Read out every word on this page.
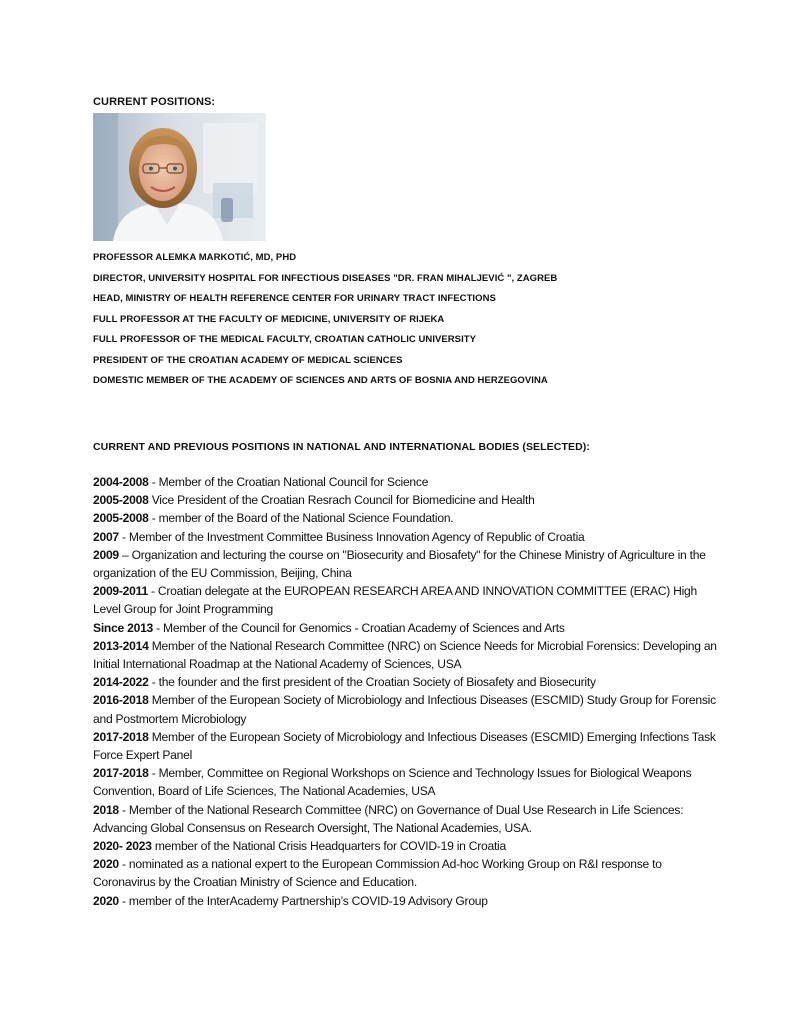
CURRENT POSITIONS:
PROFESSOR ALEMKA MARKOTIĆ, MD, PHD
DIRECTOR, UNIVERSITY HOSPITAL FOR INFECTIOUS DISEASES "DR. FRAN MIHALJEVIĆ ", ZAGREB
HEAD, MINISTRY OF HEALTH REFERENCE CENTER FOR URINARY TRACT INFECTIONS
FULL PROFESSOR AT THE FACULTY OF MEDICINE, UNIVERSITY OF RIJEKA
FULL PROFESSOR OF THE MEDICAL FACULTY, CROATIAN CATHOLIC UNIVERSITY
PRESIDENT OF THE CROATIAN ACADEMY OF MEDICAL SCIENCES
DOMESTIC MEMBER OF THE ACADEMY OF SCIENCES AND ARTS OF BOSNIA AND HERZEGOVINA
CURRENT AND PREVIOUS POSITIONS IN NATIONAL AND INTERNATIONAL BODIES (SELECTED):

2004-2008 - Member of the Croatian National Council for Science

2005-2008 Vice President of the Croatian Resrach Council for Biomedicine and Health

2005-2008 - member of the Board of the National Science Foundation.

2007 - Member of the Investment Committee Business Innovation Agency of Republic of Croatia

2009 – Organization and lecturing the course on "Biosecurity and Biosafety" for the Chinese Ministry of Agriculture in the organization of the EU Commission, Beijing, China

2009-2011 - Croatian delegate at the EUROPEAN RESEARCH AREA AND INNOVATION COMMITTEE (ERAC) High Level Group for Joint Programming

Since 2013 - Member of the Council for Genomics - Croatian Academy of Sciences and Arts

2013-2014 Member of the National Research Committee (NRC) on Science Needs for Microbial Forensics: Developing an Initial International Roadmap at the National Academy of Sciences, USA

2014-2022 - the founder and the first president of the Croatian Society of Biosafety and Biosecurity

2016-2018 Member of the European Society of Microbiology and Infectious Diseases (ESCMID) Study Group for Forensic and Postmortem Microbiology

2017-2018 Member of the European Society of Microbiology and Infectious Diseases (ESCMID) Emerging Infections Task Force Expert Panel

2017-2018 - Member, Committee on Regional Workshops on Science and Technology Issues for Biological Weapons Convention, Board of Life Sciences, The National Academies, USA

2018 - Member of the National Research Committee (NRC) on Governance of Dual Use Research in Life Sciences: Advancing Global Consensus on Research Oversight, The National Academies, USA.

2020- 2023 member of the National Crisis Headquarters for COVID-19 in Croatia

2020 - nominated as a national expert to the European Commission Ad-hoc Working Group on R&I response to Coronavirus by the Croatian Ministry of Science and Education.

2020 - member of the InterAcademy Partnership’s COVID-19 Advisory Group
